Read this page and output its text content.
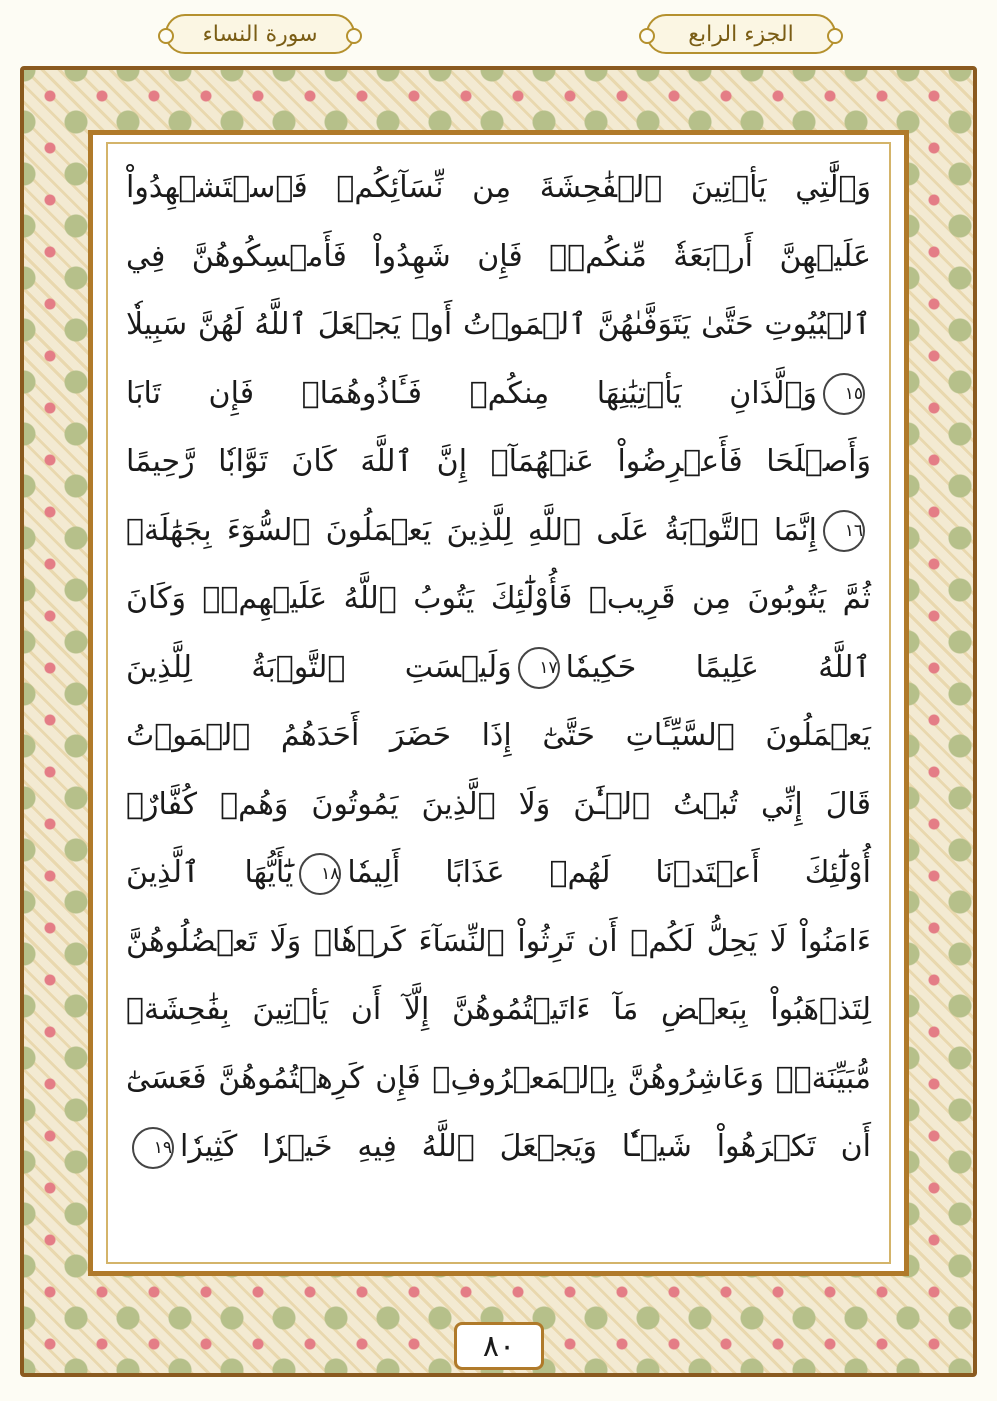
الجزء الرابع
سورة النساء
وَٱلَّٰتِي يَأۡتِينَ ٱلۡفَٰحِشَةَ مِن نِّسَآئِكُمۡ فَٱسۡتَشۡهِدُواْ
عَلَيۡهِنَّ أَرۡبَعَةٗ مِّنكُمۡۖ فَإِن شَهِدُواْ فَأَمۡسِكُوهُنَّ فِي
ٱلۡبُيُوتِ حَتَّىٰ يَتَوَفَّىٰهُنَّ ٱلۡمَوۡتُ أَوۡ يَجۡعَلَ ٱللَّهُ لَهُنَّ سَبِيلٗا
١٥وَٱلَّذَانِ يَأۡتِيَٰنِهَا مِنكُمۡ فَـَٔاذُوهُمَاۖ فَإِن تَابَا
وَأَصۡلَحَا فَأَعۡرِضُواْ عَنۡهُمَآۗ إِنَّ ٱللَّهَ كَانَ تَوَّابٗا رَّحِيمًا
١٦إِنَّمَا ٱلتَّوۡبَةُ عَلَى ٱللَّهِ لِلَّذِينَ يَعۡمَلُونَ ٱلسُّوٓءَ بِجَهَٰلَةٖ
ثُمَّ يَتُوبُونَ مِن قَرِيبٖ فَأُوْلَٰٓئِكَ يَتُوبُ ٱللَّهُ عَلَيۡهِمۡۗ وَكَانَ
ٱللَّهُ عَلِيمًا حَكِيمٗا١٧وَلَيۡسَتِ ٱلتَّوۡبَةُ لِلَّذِينَ
يَعۡمَلُونَ ٱلسَّيِّـَٔاتِ حَتَّىٰٓ إِذَا حَضَرَ أَحَدَهُمُ ٱلۡمَوۡتُ
قَالَ إِنِّي تُبۡتُ ٱلۡـَٰٔنَ وَلَا ٱلَّذِينَ يَمُوتُونَ وَهُمۡ كُفَّارٌۚ
أُوْلَٰٓئِكَ أَعۡتَدۡنَا لَهُمۡ عَذَابًا أَلِيمٗا١٨يَٰٓأَيُّهَا ٱلَّذِينَ
ءَامَنُواْ لَا يَحِلُّ لَكُمۡ أَن تَرِثُواْ ٱلنِّسَآءَ كَرۡهٗاۖ وَلَا تَعۡضُلُوهُنَّ
لِتَذۡهَبُواْ بِبَعۡضِ مَآ ءَاتَيۡتُمُوهُنَّ إِلَّآ أَن يَأۡتِينَ بِفَٰحِشَةٖ
مُّبَيِّنَةٖۚ وَعَاشِرُوهُنَّ بِٱلۡمَعۡرُوفِۚ فَإِن كَرِهۡتُمُوهُنَّ فَعَسَىٰٓ
أَن تَكۡرَهُواْ شَيۡـٔٗا وَيَجۡعَلَ ٱللَّهُ فِيهِ خَيۡرٗا كَثِيرٗا١٩
٨٠
